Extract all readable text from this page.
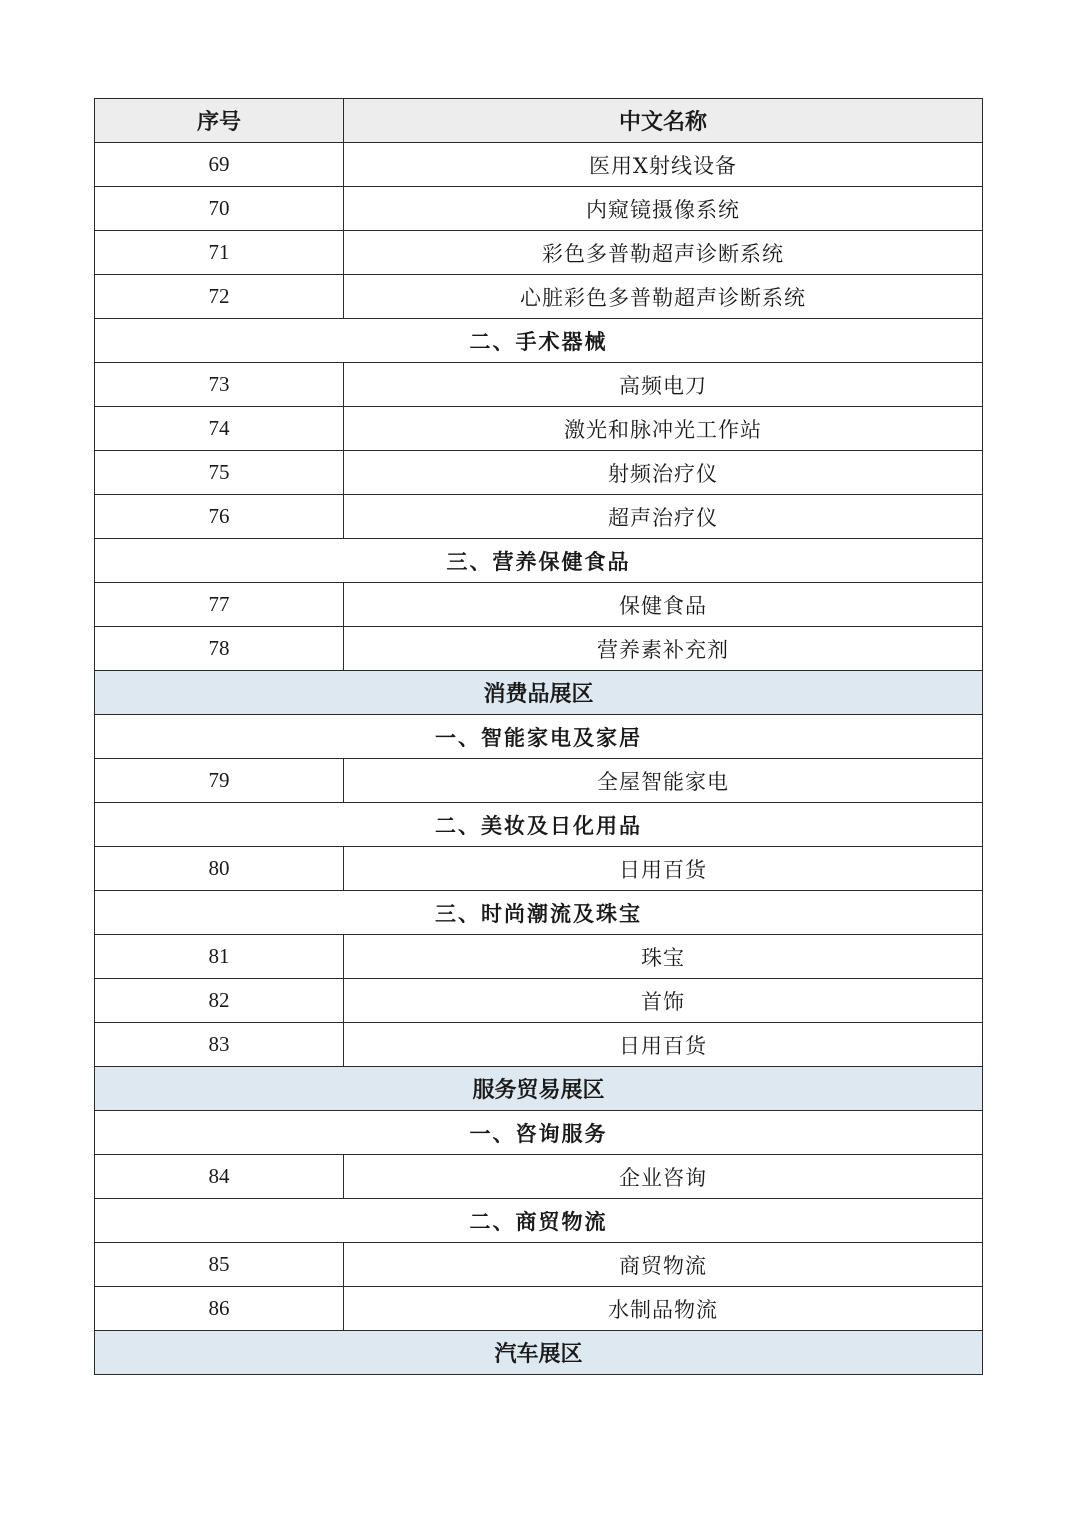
序号	中文名称
69	医用X射线设备
70	内窥镜摄像系统
71	彩色多普勒超声诊断系统
72	心脏彩色多普勒超声诊断系统
二、手术器械	
73	高频电刀
74	激光和脉冲光工作站
75	射频治疗仪
76	超声治疗仪
三、营养保健食品	
77	保健食品
78	营养素补充剂
消费品展区	
一、智能家电及家居	
79	全屋智能家电
二、美妆及日化用品	
80	日用百货
三、时尚潮流及珠宝	
81	珠宝
82	首饰
83	日用百货
服务贸易展区	
一、咨询服务	
84	企业咨询
二、商贸物流	
85	商贸物流
86	水制品物流
汽车展区	
